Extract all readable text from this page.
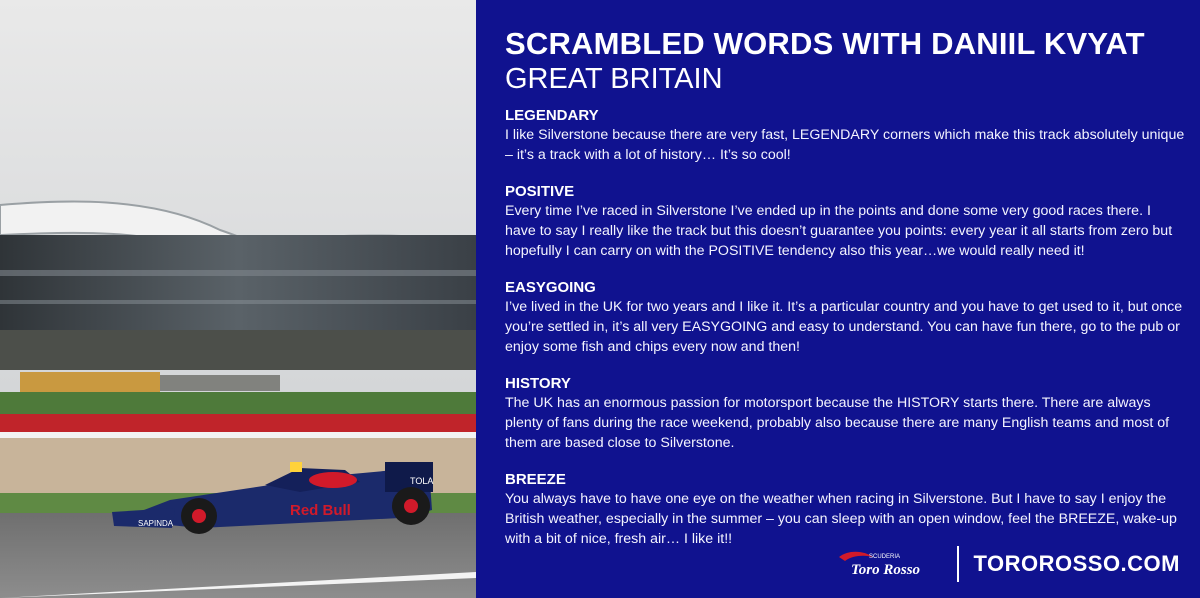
Red Bull
SAPINDA
TOLA
SCRAMBLED WORDS WITH DANIIL KVYAT
GREAT BRITAIN
LEGENDARY

I like Silverstone because there are very fast, LEGENDARY corners which make this track absolutely unique – it’s a track with a lot of history… It’s so cool!

POSITIVE

Every time I’ve raced in Silverstone I’ve ended up in the points and done some very good races there. I have to say I really like the track but this doesn’t guarantee you points: every year it all starts from zero but hopefully I can carry on with the POSITIVE tendency also this year…we would really need it!

EASYGOING

I’ve lived in the UK for two years and I like it. It’s a particular country and you have to get used to it, but once you’re settled in, it’s all very EASYGOING and easy to understand. You can have fun there, go to the pub or enjoy some fish and chips every now and then!

HISTORY

The UK has an enormous passion for motorsport because the HISTORY starts there. There are always plenty of fans during the race weekend, probably also because there are many English teams and most of them are based close to Silverstone.

BREEZE

You always have to have one eye on the weather when racing in Silverstone. But I have to say I enjoy the British weather, especially in the summer – you can sleep with an open window, feel the BREEZE, wake-up with a bit of nice, fresh air… I like it!!

SCUDERIA
Toro Rosso TOROROSSO.COM
